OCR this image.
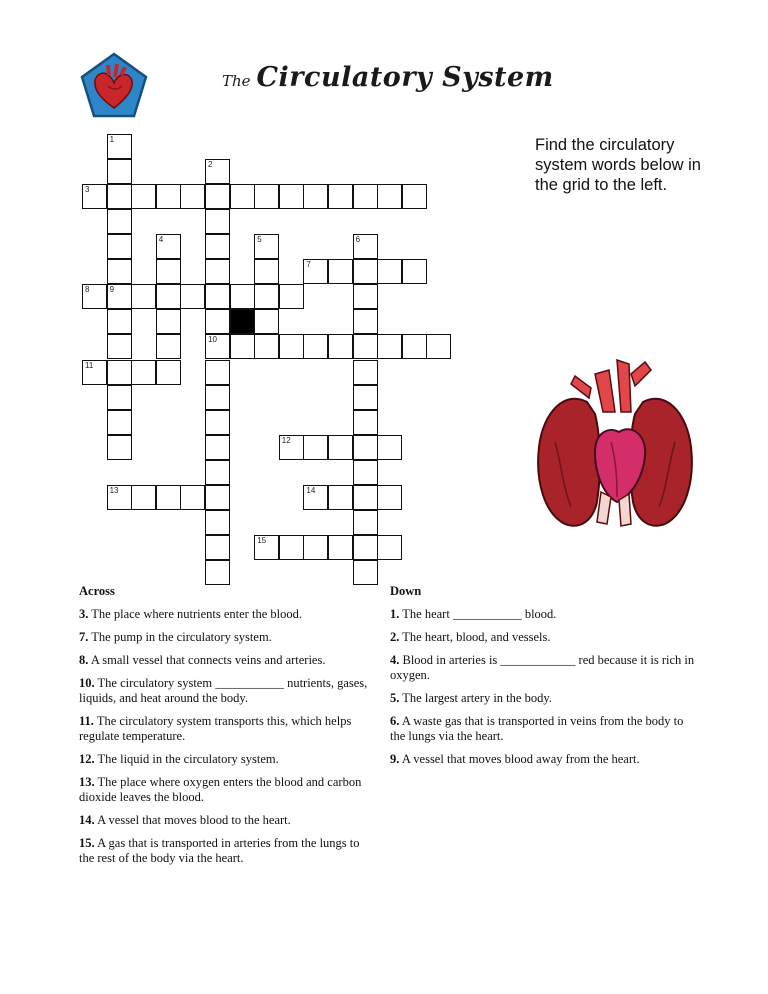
The Circulatory System
1
2
10
3
4	5	6
7
8	9
11
12
13	14
15
Find the circulatory system words below in the grid to the left.
Across
3. The place where nutrients enter the blood.
7. The pump in the circulatory system.
8. A small vessel that connects veins and arteries.
10. The circulatory system ___________ nutrients, gases, liquids, and heat around the body.
11. The circulatory system transports this, which helps regulate temperature.
12. The liquid in the circulatory system.
13. The place where oxygen enters the blood and carbon dioxide leaves the blood.
14. A vessel that moves blood to the heart.
15. A gas that is transported in arteries from the lungs to the rest of the body via the heart.
Down
1. The heart ___________ blood.
2. The heart, blood, and vessels.
4. Blood in arteries is ____________ red because it is rich in oxygen.
5. The largest artery in the body.
6. A waste gas that is transported in veins from the body to the lungs via the heart.
9. A vessel that moves blood away from the heart.
